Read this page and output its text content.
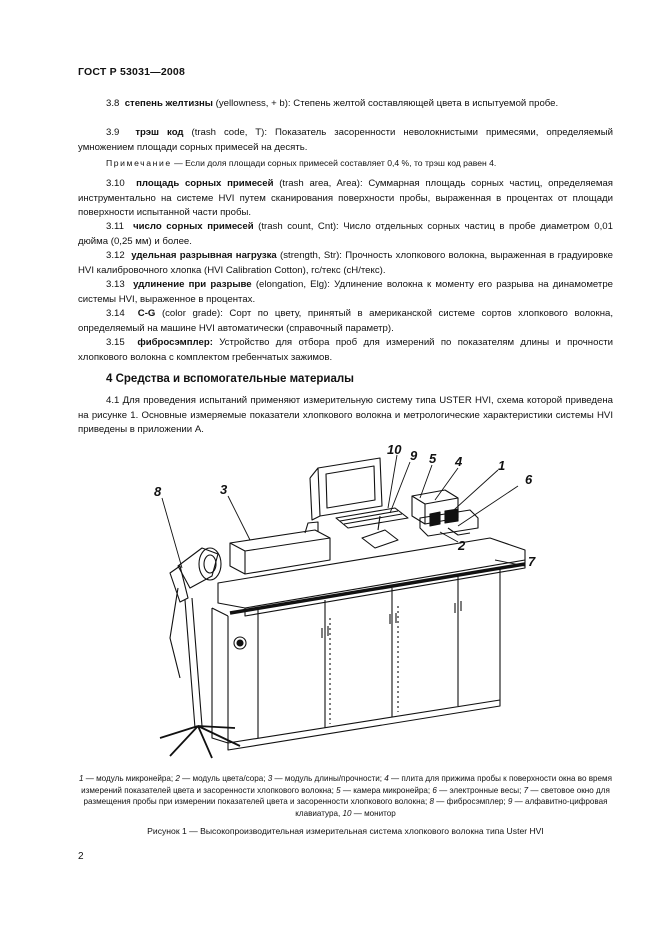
ГОСТ Р 53031—2008
3.8 степень желтизны (yellowness, + b): Степень желтой составляющей цвета в испытуемой пробе.
3.9 трэш код (trash code, T): Показатель засоренности неволокнистыми примесями, определяемый умножением площади сорных примесей на десять.
Примечание — Если доля площади сорных примесей составляет 0,4 %, то трэш код равен 4.
3.10 площадь сорных примесей (trash area, Area): Суммарная площадь сорных частиц, определяемая инструментально на системе HVI путем сканирования поверхности пробы, выраженная в процентах от площади поверхности испытанной части пробы.
3.11 число сорных примесей (trash count, Cnt): Число отдельных сорных частиц в пробе диаметром 0,01 дюйма (0,25 мм) и более.
3.12 удельная разрывная нагрузка (strength, Str): Прочность хлопкового волокна, выраженная в градуировке HVI калибровочного хлопка (HVI Calibration Cotton), гс/текс (сН/текс).
3.13 удлинение при разрыве (elongation, Elg): Удлинение волокна к моменту его разрыва на динамометре системы HVI, выраженное в процентах.
3.14 C-G (color grade): Сорт по цвету, принятый в американской системе сортов хлопкового волокна, определяемый на машине HVI автоматически (справочный параметр).
3.15 фибросэмплер: Устройство для отбора проб для измерений по показателям длины и прочности хлопкового волокна с комплектом гребенчатых зажимов.
4 Средства и вспомогательные материалы
4.1 Для проведения испытаний применяют измерительную систему типа USTER HVI, схема которой приведена на рисунке 1. Основные измеряемые показатели хлопкового волокна и метрологические характеристики системы HVI приведены в приложении А.
8	3
10 9 5 4	1
6
2
7
1 — модуль микронейра; 2 — модуль цвета/сора; 3 — модуль длины/прочности; 4 — плита для прижима пробы к поверхности окна во время измерений показателей цвета и засоренности хлопкового волокна; 5 — камера микронейра; 6 — электронные весы; 7 — световое окно для размещения пробы при измерении показателей цвета и засоренности хлопкового волокна; 8 — фибросэмплер; 9 — алфавитно-цифровая клавиатура, 10 — монитор
Рисунок 1 — Высокопроизводительная измерительная система хлопкового волокна типа Uster HVI
2
